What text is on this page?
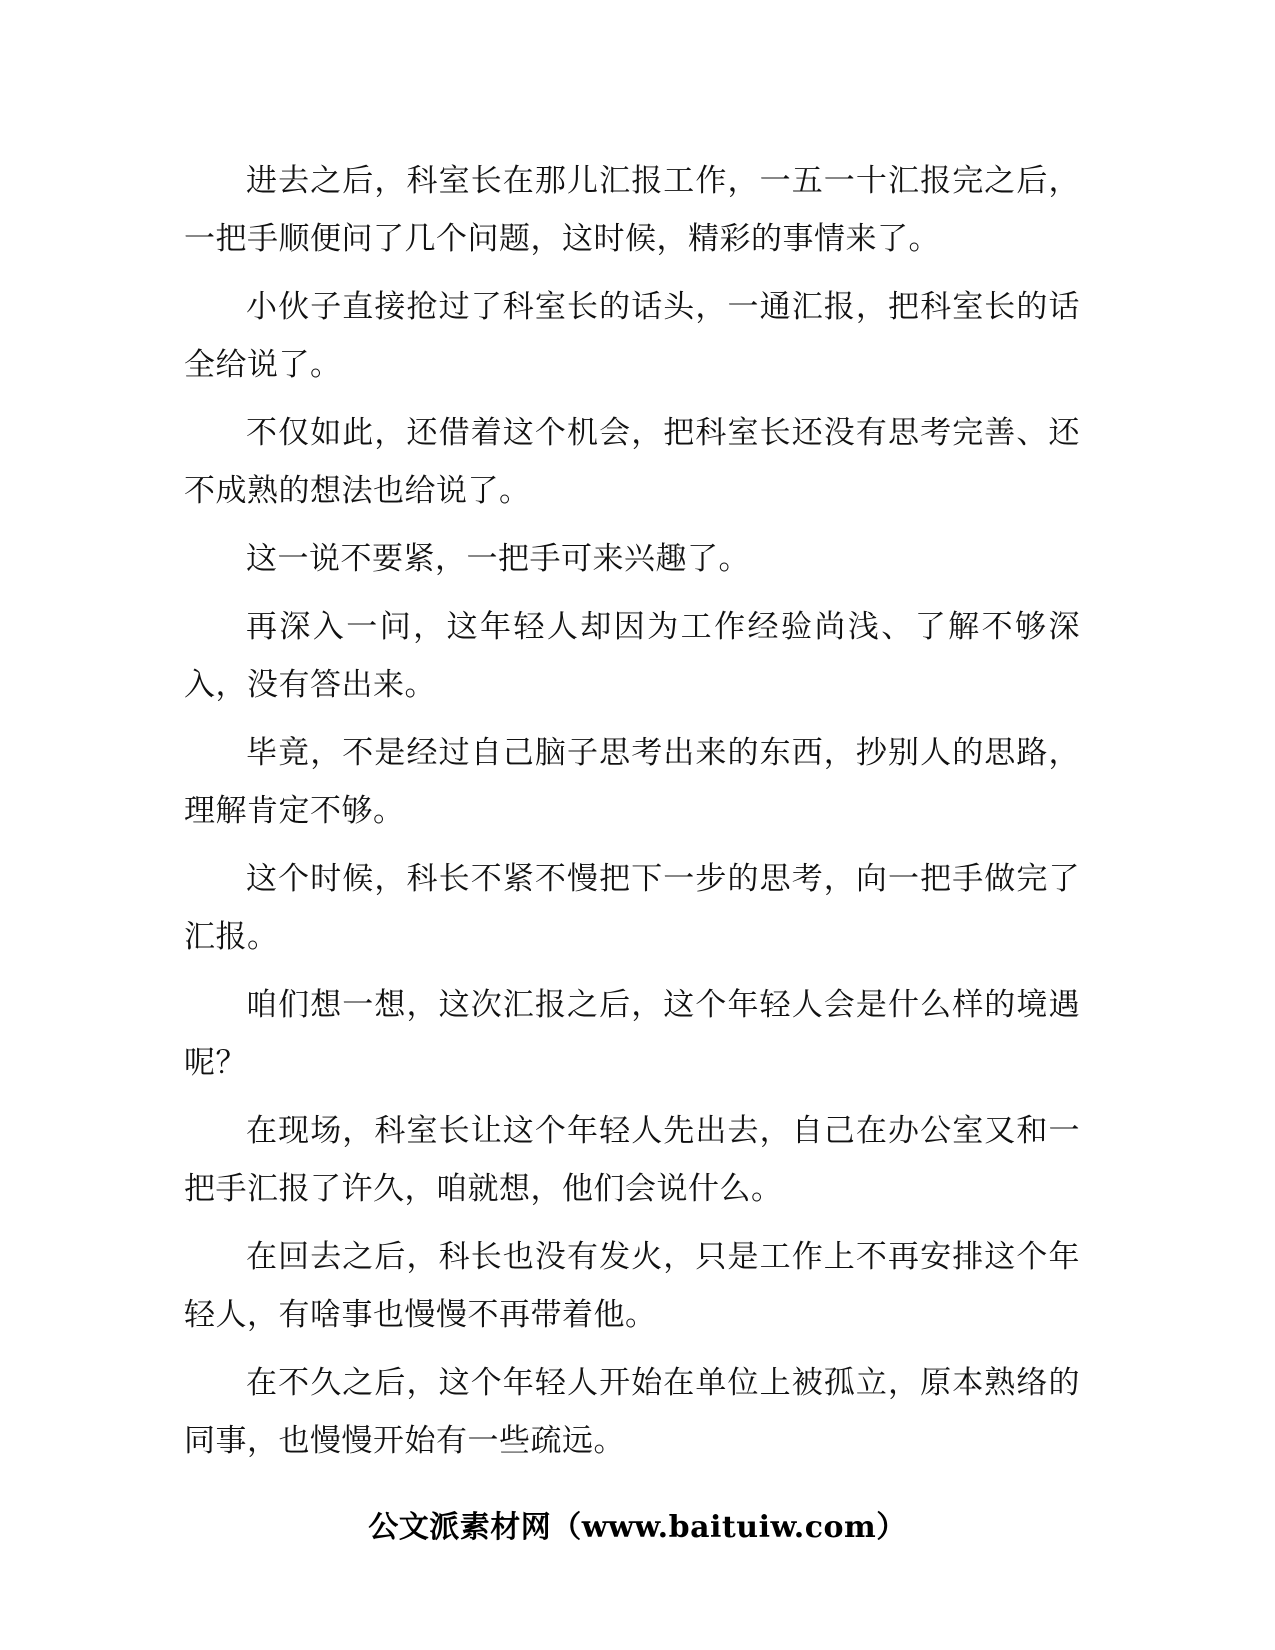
进去之后，科室长在那儿汇报工作，一五一十汇报完之后，一把手顺便问了几个问题，这时候，精彩的事情来了。

小伙子直接抢过了科室长的话头，一通汇报，把科室长的话全给说了。

不仅如此，还借着这个机会，把科室长还没有思考完善、还不成熟的想法也给说了。

这一说不要紧，一把手可来兴趣了。

再深入一问，这年轻人却因为工作经验尚浅、了解不够深入，没有答出来。

毕竟，不是经过自己脑子思考出来的东西，抄别人的思路，理解肯定不够。

这个时候，科长不紧不慢把下一步的思考，向一把手做完了汇报。

咱们想一想，这次汇报之后，这个年轻人会是什么样的境遇呢？

在现场，科室长让这个年轻人先出去，自己在办公室又和一把手汇报了许久，咱就想，他们会说什么。

在回去之后，科长也没有发火，只是工作上不再安排这个年轻人，有啥事也慢慢不再带着他。

在不久之后，这个年轻人开始在单位上被孤立，原本熟络的同事，也慢慢开始有一些疏远。

公文派素材网（www.baituiw.com）
